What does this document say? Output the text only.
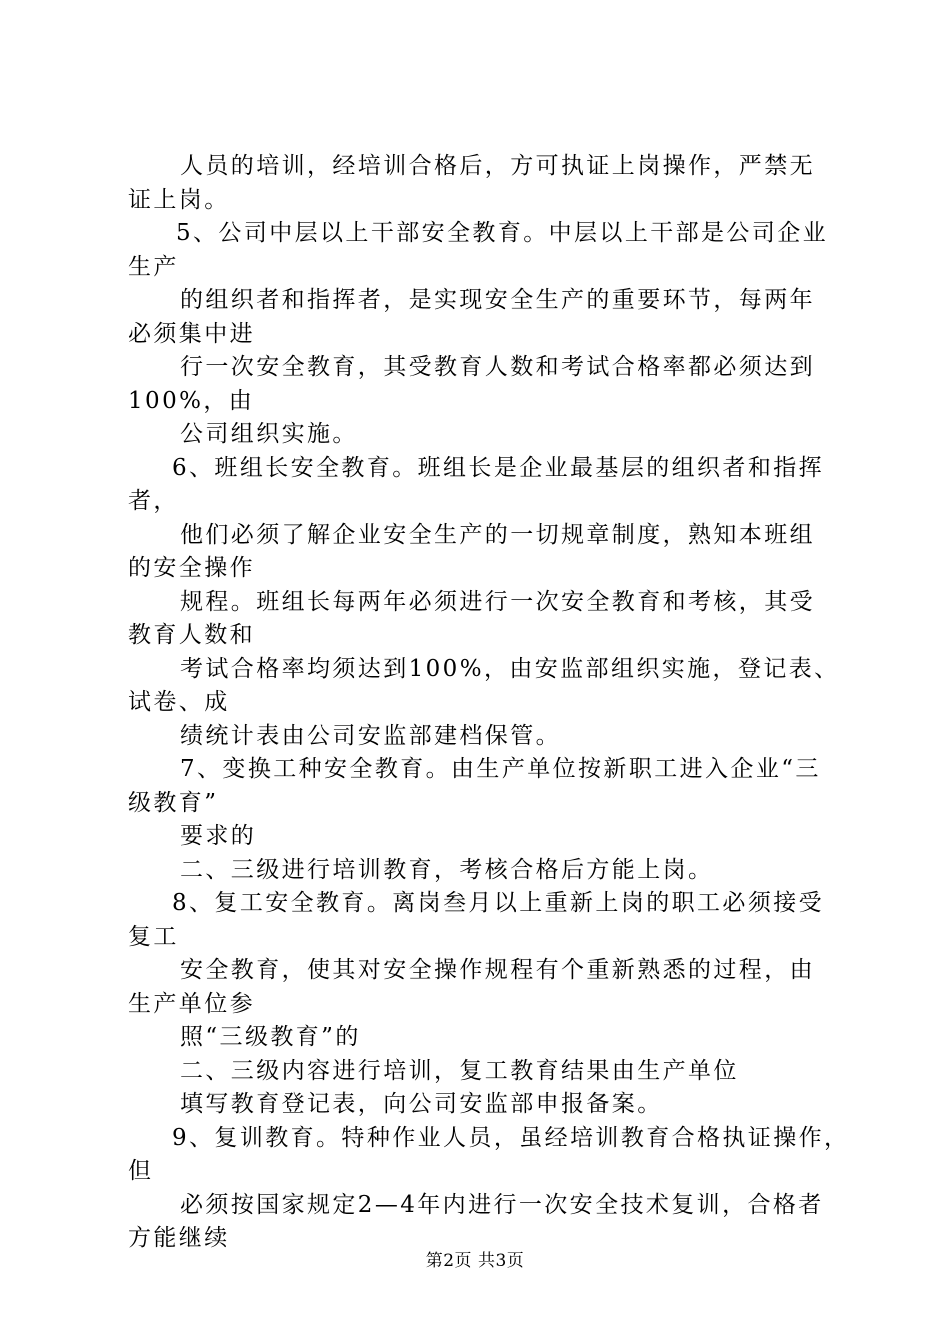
人员的培训，经培训合格后，方可执证上岗操作，严禁无
证上岗。
5、公司中层以上干部安全教育。中层以上干部是公司企业
生产
的组织者和指挥者，是实现安全生产的重要环节，每两年
必须集中进
行一次安全教育，其受教育人数和考试合格率都必须达到
100%，由
公司组织实施。
6、班组长安全教育。班组长是企业最基层的组织者和指挥
者，
他们必须了解企业安全生产的一切规章制度，熟知本班组
的安全操作
规程。班组长每两年必须进行一次安全教育和考核，其受
教育人数和
考试合格率均须达到100%，由安监部组织实施，登记表、
试卷、成
绩统计表由公司安监部建档保管。
7、变换工种安全教育。由生产单位按新职工进入企业“三
级教育”
要求的
二、三级进行培训教育，考核合格后方能上岗。
8、复工安全教育。离岗叁月以上重新上岗的职工必须接受
复工
安全教育，使其对安全操作规程有个重新熟悉的过程，由
生产单位参
照“三级教育”的
二、三级内容进行培训，复工教育结果由生产单位
填写教育登记表，向公司安监部申报备案。
9、复训教育。特种作业人员，虽经培训教育合格执证操作，
但
必须按国家规定2—4年内进行一次安全技术复训，合格者
方能继续
第2页 共3页
